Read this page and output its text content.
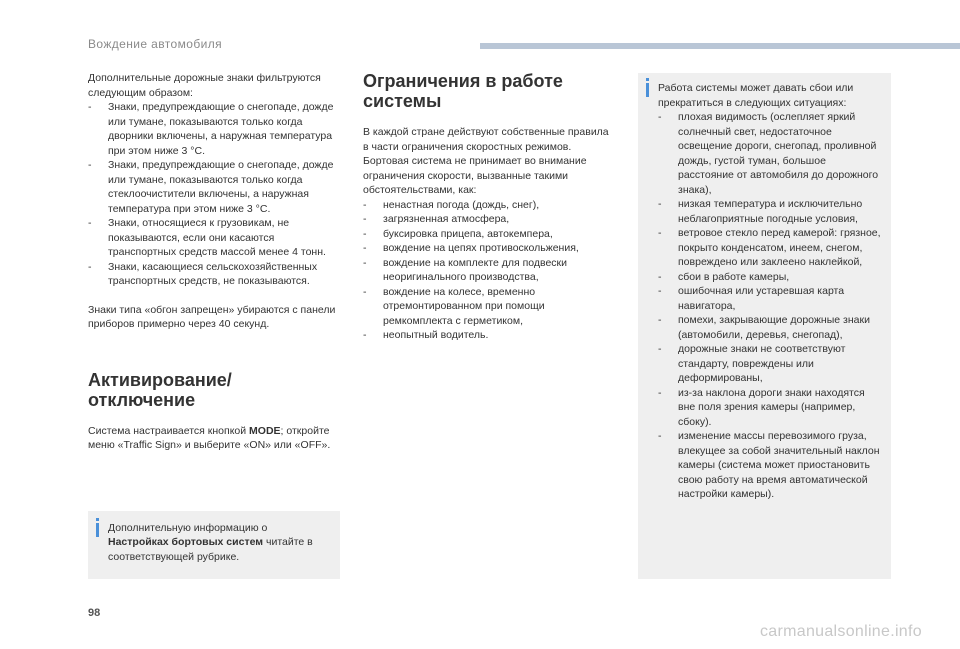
Вождение автомобиля

Дополнительные дорожные знаки фильтруются следующим образом:

- Знаки, предупреждающие о снегопаде, дожде или тумане, показываются только когда дворники включены, а наружная температура при этом ниже 3 °C.
- Знаки, предупреждающие о снегопаде, дожде или тумане, показываются только когда стеклоочистители включены, а наружная температура при этом ниже 3 °C.
- Знаки, относящиеся к грузовикам, не показываются, если они касаются транспортных средств массой менее 4 тонн.
- Знаки, касающиеся сельскохозяйственных транспортных средств, не показываются.

Знаки типа «обгон запрещен» убираются с панели приборов примерно через 40 секунд.

Активирование/ отключение

Система настраивается кнопкой MODE; откройте меню «Traffic Sign» и выберите «ON» или «OFF».

Дополнительную информацию о Настройках бортовых систем читайте в соответствующей рубрике.

Ограничения в работе системы

В каждой стране действуют собственные правила в части ограничения скоростных режимов.

Бортовая система не принимает во внимание ограничения скорости, вызванные такими обстоятельствами, как:

- ненастная погода (дождь, снег),
- загрязненная атмосфера,
- буксировка прицепа, автокемпера,
- вождение на цепях противоскольжения,
- вождение на комплекте для подвески неоригинального производства,
- вождение на колесе, временно отремонтированном при помощи ремкомплекта с герметиком,
- неопытный водитель.

Работа системы может давать сбои или прекратиться в следующих ситуациях:

- плохая видимость (ослепляет яркий солнечный свет, недостаточное освещение дороги, снегопад, проливной дождь, густой туман, большое расстояние от автомобиля до дорожного знака),
- низкая температура и исключительно неблагоприятные погодные условия,
- ветровое стекло перед камерой: грязное, покрыто конденсатом, инеем, снегом, повреждено или заклеено наклейкой,
- сбои в работе камеры,
- ошибочная или устаревшая карта навигатора,
- помехи, закрывающие дорожные знаки (автомобили, деревья, снегопад),
- дорожные знаки не соответствуют стандарту, повреждены или деформированы,
- из-за наклона дороги знаки находятся вне поля зрения камеры (например, сбоку).
- изменение массы перевозимого груза, влекущее за собой значительный наклон камеры (система может приостановить свою работу на время автоматической настройки камеры).
98
carmanualsonline.info
